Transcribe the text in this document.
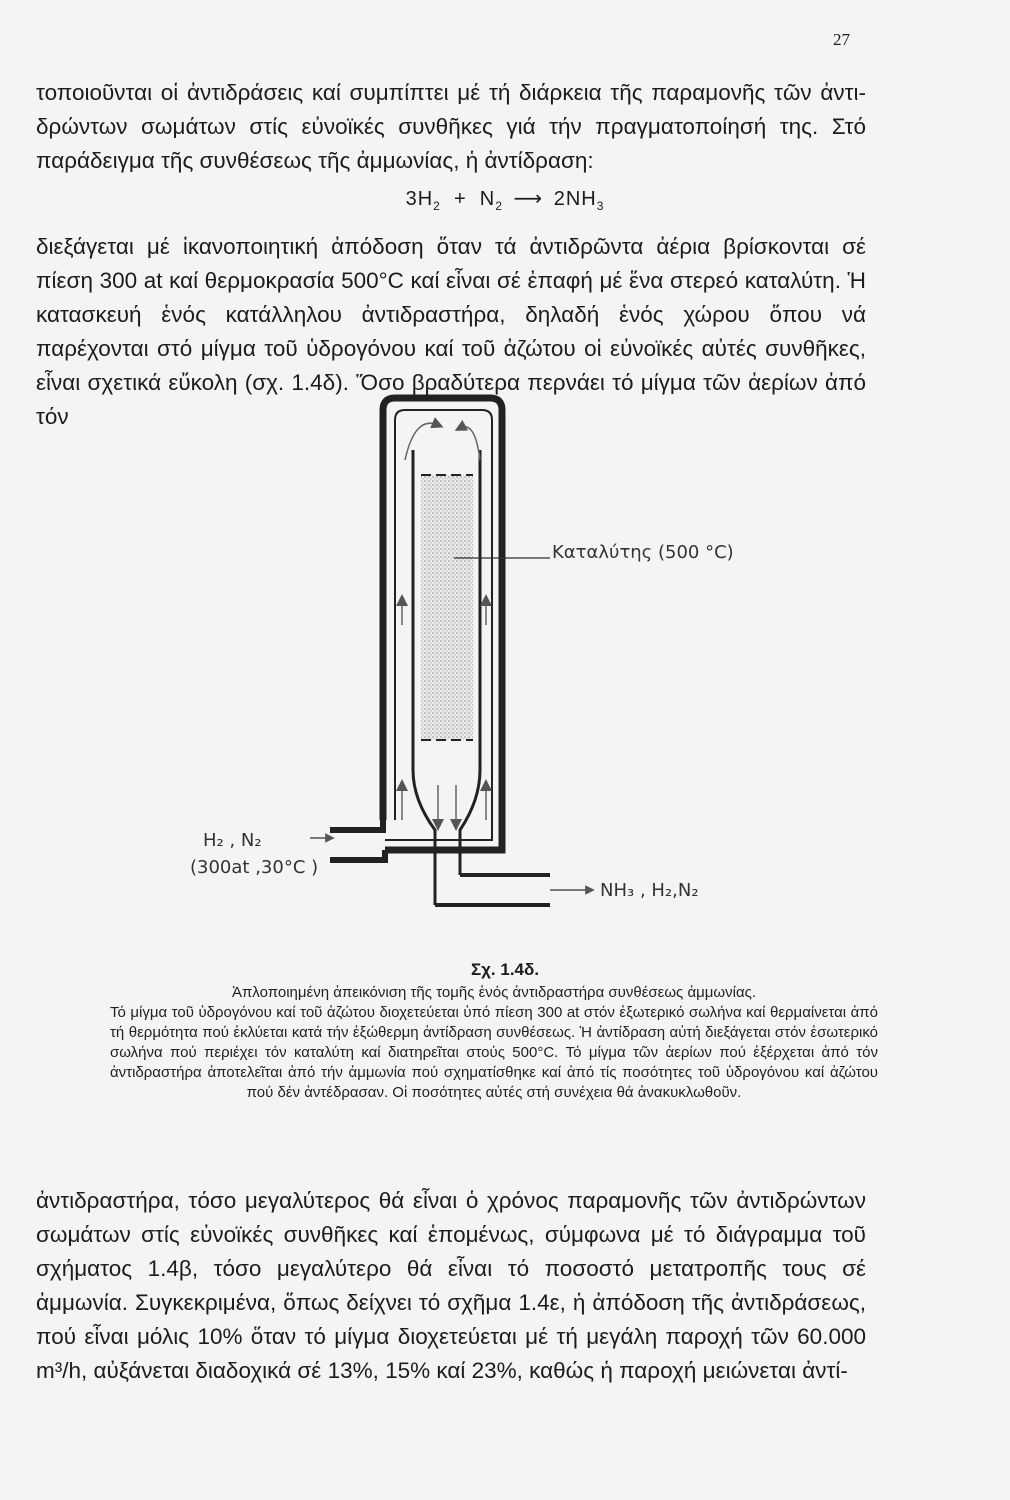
27
τοποιοῦνται οἱ ἀντιδράσεις καί συμπίπτει μέ τή διάρκεια τῆς παραμονῆς τῶν ἀντι-δρώντων σωμάτων στίς εὐνοϊκές συνθῆκες γιά τήν πραγματοποίησή της. Στό παράδειγμα τῆς συνθέσεως τῆς ἀμμωνίας, ἡ ἀντίδραση:
$3H_2 + N_2$ ⟶ $2NH_3$
διεξάγεται μέ ἱκανοποιητική ἀπόδοση ὅταν τά ἀντιδρῶντα ἀέρια βρίσκονται σέ πίεση 300 at καί θερμοκρασία 500°C καί εἶναι σέ ἐπαφή μέ ἕνα στερεό καταλύτη. Ἡ κατασκευή ἑνός κατάλληλου ἀντιδραστήρα, δηλαδή ἑνός χώρου ὅπου νά παρέχονται στό μίγμα τοῦ ὑδρογόνου καί τοῦ ἀζώτου οἱ εὐνοϊκές αὐτές συνθῆκες, εἶναι σχετικά εὔκολη (σχ. 1.4δ). Ὅσο βραδύτερα περνάει τό μίγμα τῶν ἀερίων ἀπό τόν
Καταλύτης (500 °C)
H₂ , N₂
(300at ,30°C )
NH₃ , H₂,N₂
Σχ. 1.4δ.

Ἁπλοποιημένη ἀπεικόνιση τῆς τομῆς ἑνός ἀντιδραστήρα συνθέσεως ἀμμωνίας.

Τό μίγμα τοῦ ὑδρογόνου καί τοῦ ἀζώτου διοχετεύεται ὑπό πίεση 300 at στόν ἐξωτερικό σωλήνα καί θερμαίνεται ἀπό τή θερμότητα πού ἐκλύεται κατά τήν ἐξώθερμη ἀντίδραση συνθέσεως. Ἡ ἀντίδραση αὐτή διεξάγεται στόν ἐσωτερικό σωλήνα πού περιέχει τόν καταλύτη καί διατηρεῖται στούς 500°C. Τό μίγμα τῶν ἀερίων πού ἐξέρχεται ἀπό τόν ἀντιδραστήρα ἀποτελεῖται ἀπό τήν ἀμμωνία πού σχηματίσθηκε καί ἀπό τίς ποσότητες τοῦ ὑδρογόνου καί ἀζώτου πού δέν ἀντέδρασαν. Οἱ ποσότητες αὐτές στή συνέχεια θά ἀνακυκλωθοῦν.

ἀντιδραστήρα, τόσο μεγαλύτερος θά εἶναι ὁ χρόνος παραμονῆς τῶν ἀντιδρώντων σωμάτων στίς εὐνοϊκές συνθῆκες καί ἑπομένως, σύμφωνα μέ τό διάγραμμα τοῦ σχήματος 1.4β, τόσο μεγαλύτερο θά εἶναι τό ποσοστό μετατροπῆς τους σέ ἀμμωνία. Συγκεκριμένα, ὅπως δείχνει τό σχῆμα 1.4ε, ἡ ἀπόδοση τῆς ἀντιδράσεως, πού εἶναι μόλις 10% ὅταν τό μίγμα διοχετεύεται μέ τή μεγάλη παροχή τῶν 60.000 m³/h, αὐξάνεται διαδοχικά σέ 13%, 15% καί 23%, καθώς ἡ παροχή μειώνεται ἀντί-
